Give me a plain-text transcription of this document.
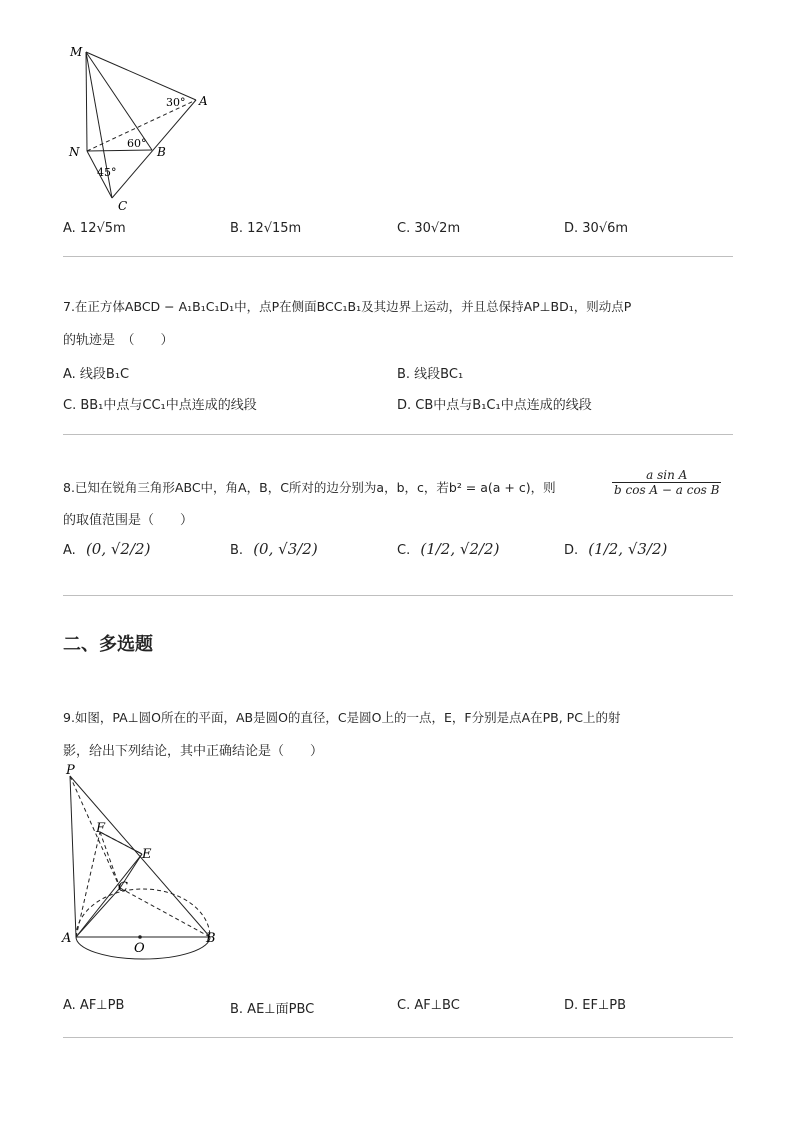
M
A
N	B
C
30°
60°
45°
A. 12√5m	B. 12√15m	C. 30√2m	D. 30√6m
7.在正方体ABCD − A₁B₁C₁D₁中，点P在侧面BCC₁B₁及其边界上运动，并且总保持AP⊥BD₁，则动点P
的轨迹是　（　　）
A. 线段B₁C	B. 线段BC₁
C. BB₁中点与CC₁中点连成的线段	D. CB中点与B₁C₁中点连成的线段
8.已知在锐角三角形ABC中，角A，B，C所对的边分别为a，b，c，若b² = a(a + c)，则	$\frac{\text{a sin A}}{\text{b cos A − a cos B}}$
的取值范围是（　　）
A. (0, √2/2)	B. (0, √3/2)	C. (1/2, √2/2)	D. (1/2, √3/2)
二、多选题
9.如图，PA⊥圆O所在的平面，AB是圆O的直径，C是圆O上的一点，E，F分别是点A在PB, PC上的射
影，给出下列结论，其中正确结论是（　　）
P
F
E
C
A
O
B
A. AF⊥PB	B. AE⊥面PBC	C. AF⊥BC	D. EF⊥PB
